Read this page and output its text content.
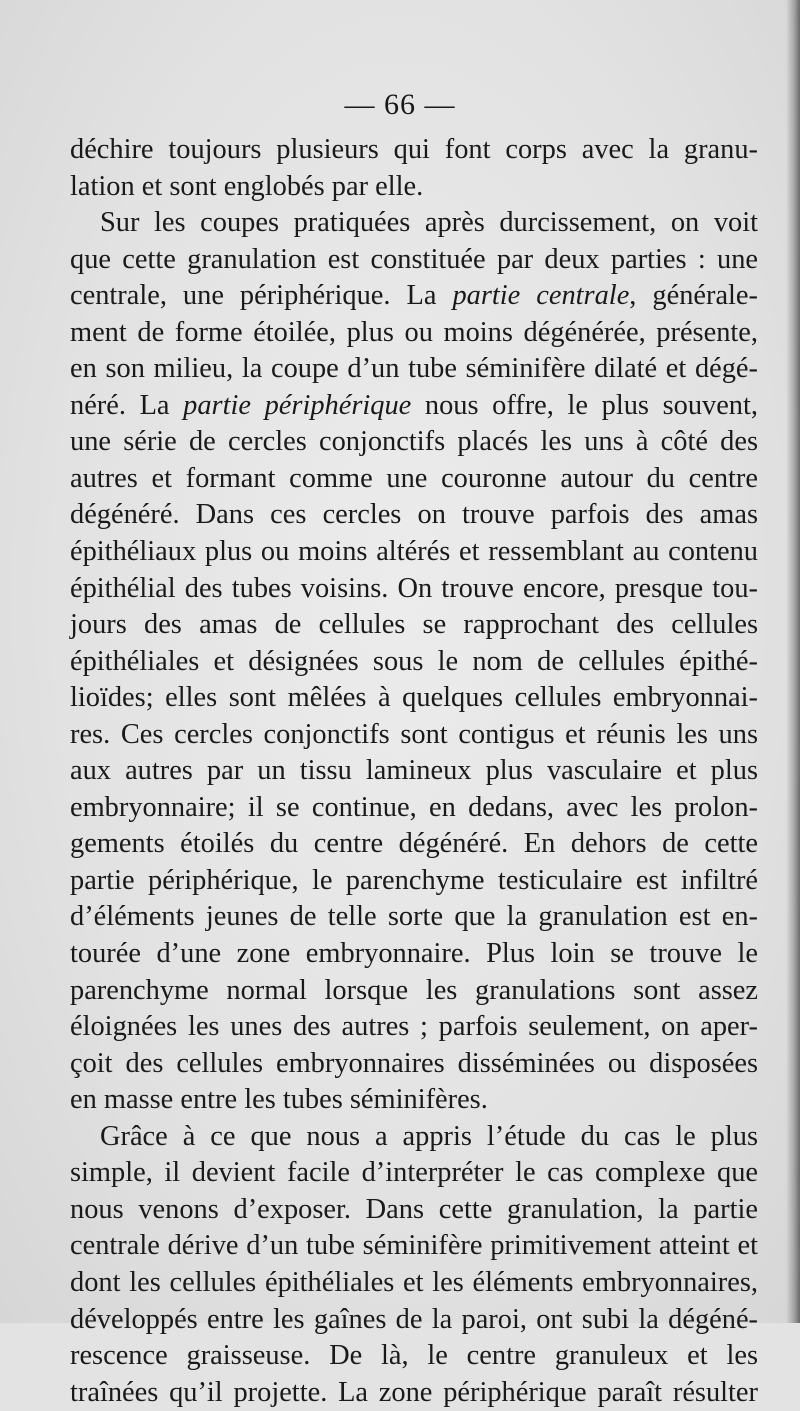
— 66 —
déchire toujours plusieurs qui font corps avec la granu-
lation et sont englobés par elle.
Sur les coupes pratiquées après durcissement, on voit
que cette granulation est constituée par deux parties : une
centrale, une périphérique. La partie centrale, générale-
ment de forme étoilée, plus ou moins dégénérée, présente,
en son milieu, la coupe d’un tube séminifère dilaté et dégé-
néré. La partie périphérique nous offre, le plus souvent,
une série de cercles conjonctifs placés les uns à côté des
autres et formant comme une couronne autour du centre
dégénéré. Dans ces cercles on trouve parfois des amas
épithéliaux plus ou moins altérés et ressemblant au contenu
épithélial des tubes voisins. On trouve encore, presque tou-
jours des amas de cellules se rapprochant des cellules
épithéliales et désignées sous le nom de cellules épithé-
lioïdes; elles sont mêlées à quelques cellules embryonnai-
res. Ces cercles conjonctifs sont contigus et réunis les uns
aux autres par un tissu lamineux plus vasculaire et plus
embryonnaire; il se continue, en dedans, avec les prolon-
gements étoilés du centre dégénéré. En dehors de cette
partie périphérique, le parenchyme testiculaire est infiltré
d’éléments jeunes de telle sorte que la granulation est en-
tourée d’une zone embryonnaire. Plus loin se trouve le
parenchyme normal lorsque les granulations sont assez
éloignées les unes des autres ; parfois seulement, on aper-
çoit des cellules embryonnaires disséminées ou disposées
en masse entre les tubes séminifères.
Grâce à ce que nous a appris l’étude du cas le plus
simple, il devient facile d’interpréter le cas complexe que
nous venons d’exposer. Dans cette granulation, la partie
centrale dérive d’un tube séminifère primitivement atteint et
dont les cellules épithéliales et les éléments embryonnaires,
développés entre les gaînes de la paroi, ont subi la dégéné-
rescence graisseuse. De là, le centre granuleux et les
traînées qu’il projette. La zone périphérique paraît résulter
